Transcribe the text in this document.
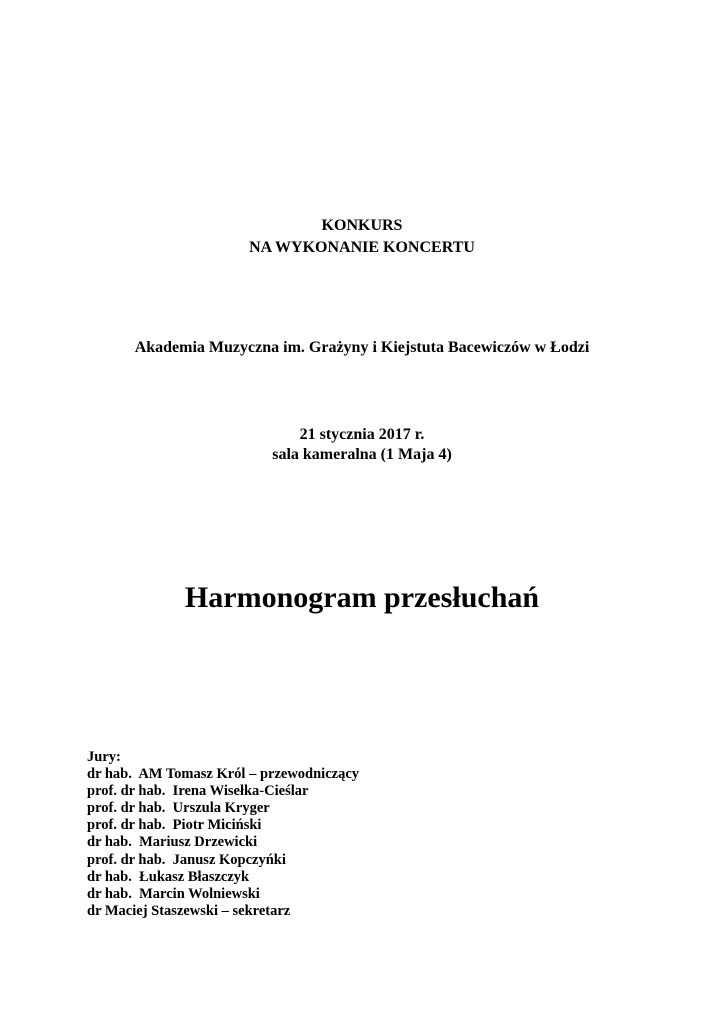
KONKURS
NA WYKONANIE KONCERTU
Akademia Muzyczna im. Grażyny i Kiejstuta Bacewiczów w Łodzi
21 stycznia 2017 r.
sala kameralna (1 Maja 4)
Harmonogram przesłuchań
Jury:
dr hab.  AM Tomasz Król – przewodniczący
prof. dr hab.  Irena Wisełka-Cieślar
prof. dr hab.  Urszula Kryger
prof. dr hab.  Piotr Miciński
dr hab.  Mariusz Drzewicki
prof. dr hab.  Janusz Kopczyńki
dr hab.  Łukasz Błaszczyk
dr hab.  Marcin Wolniewski
dr Maciej Staszewski – sekretarz
